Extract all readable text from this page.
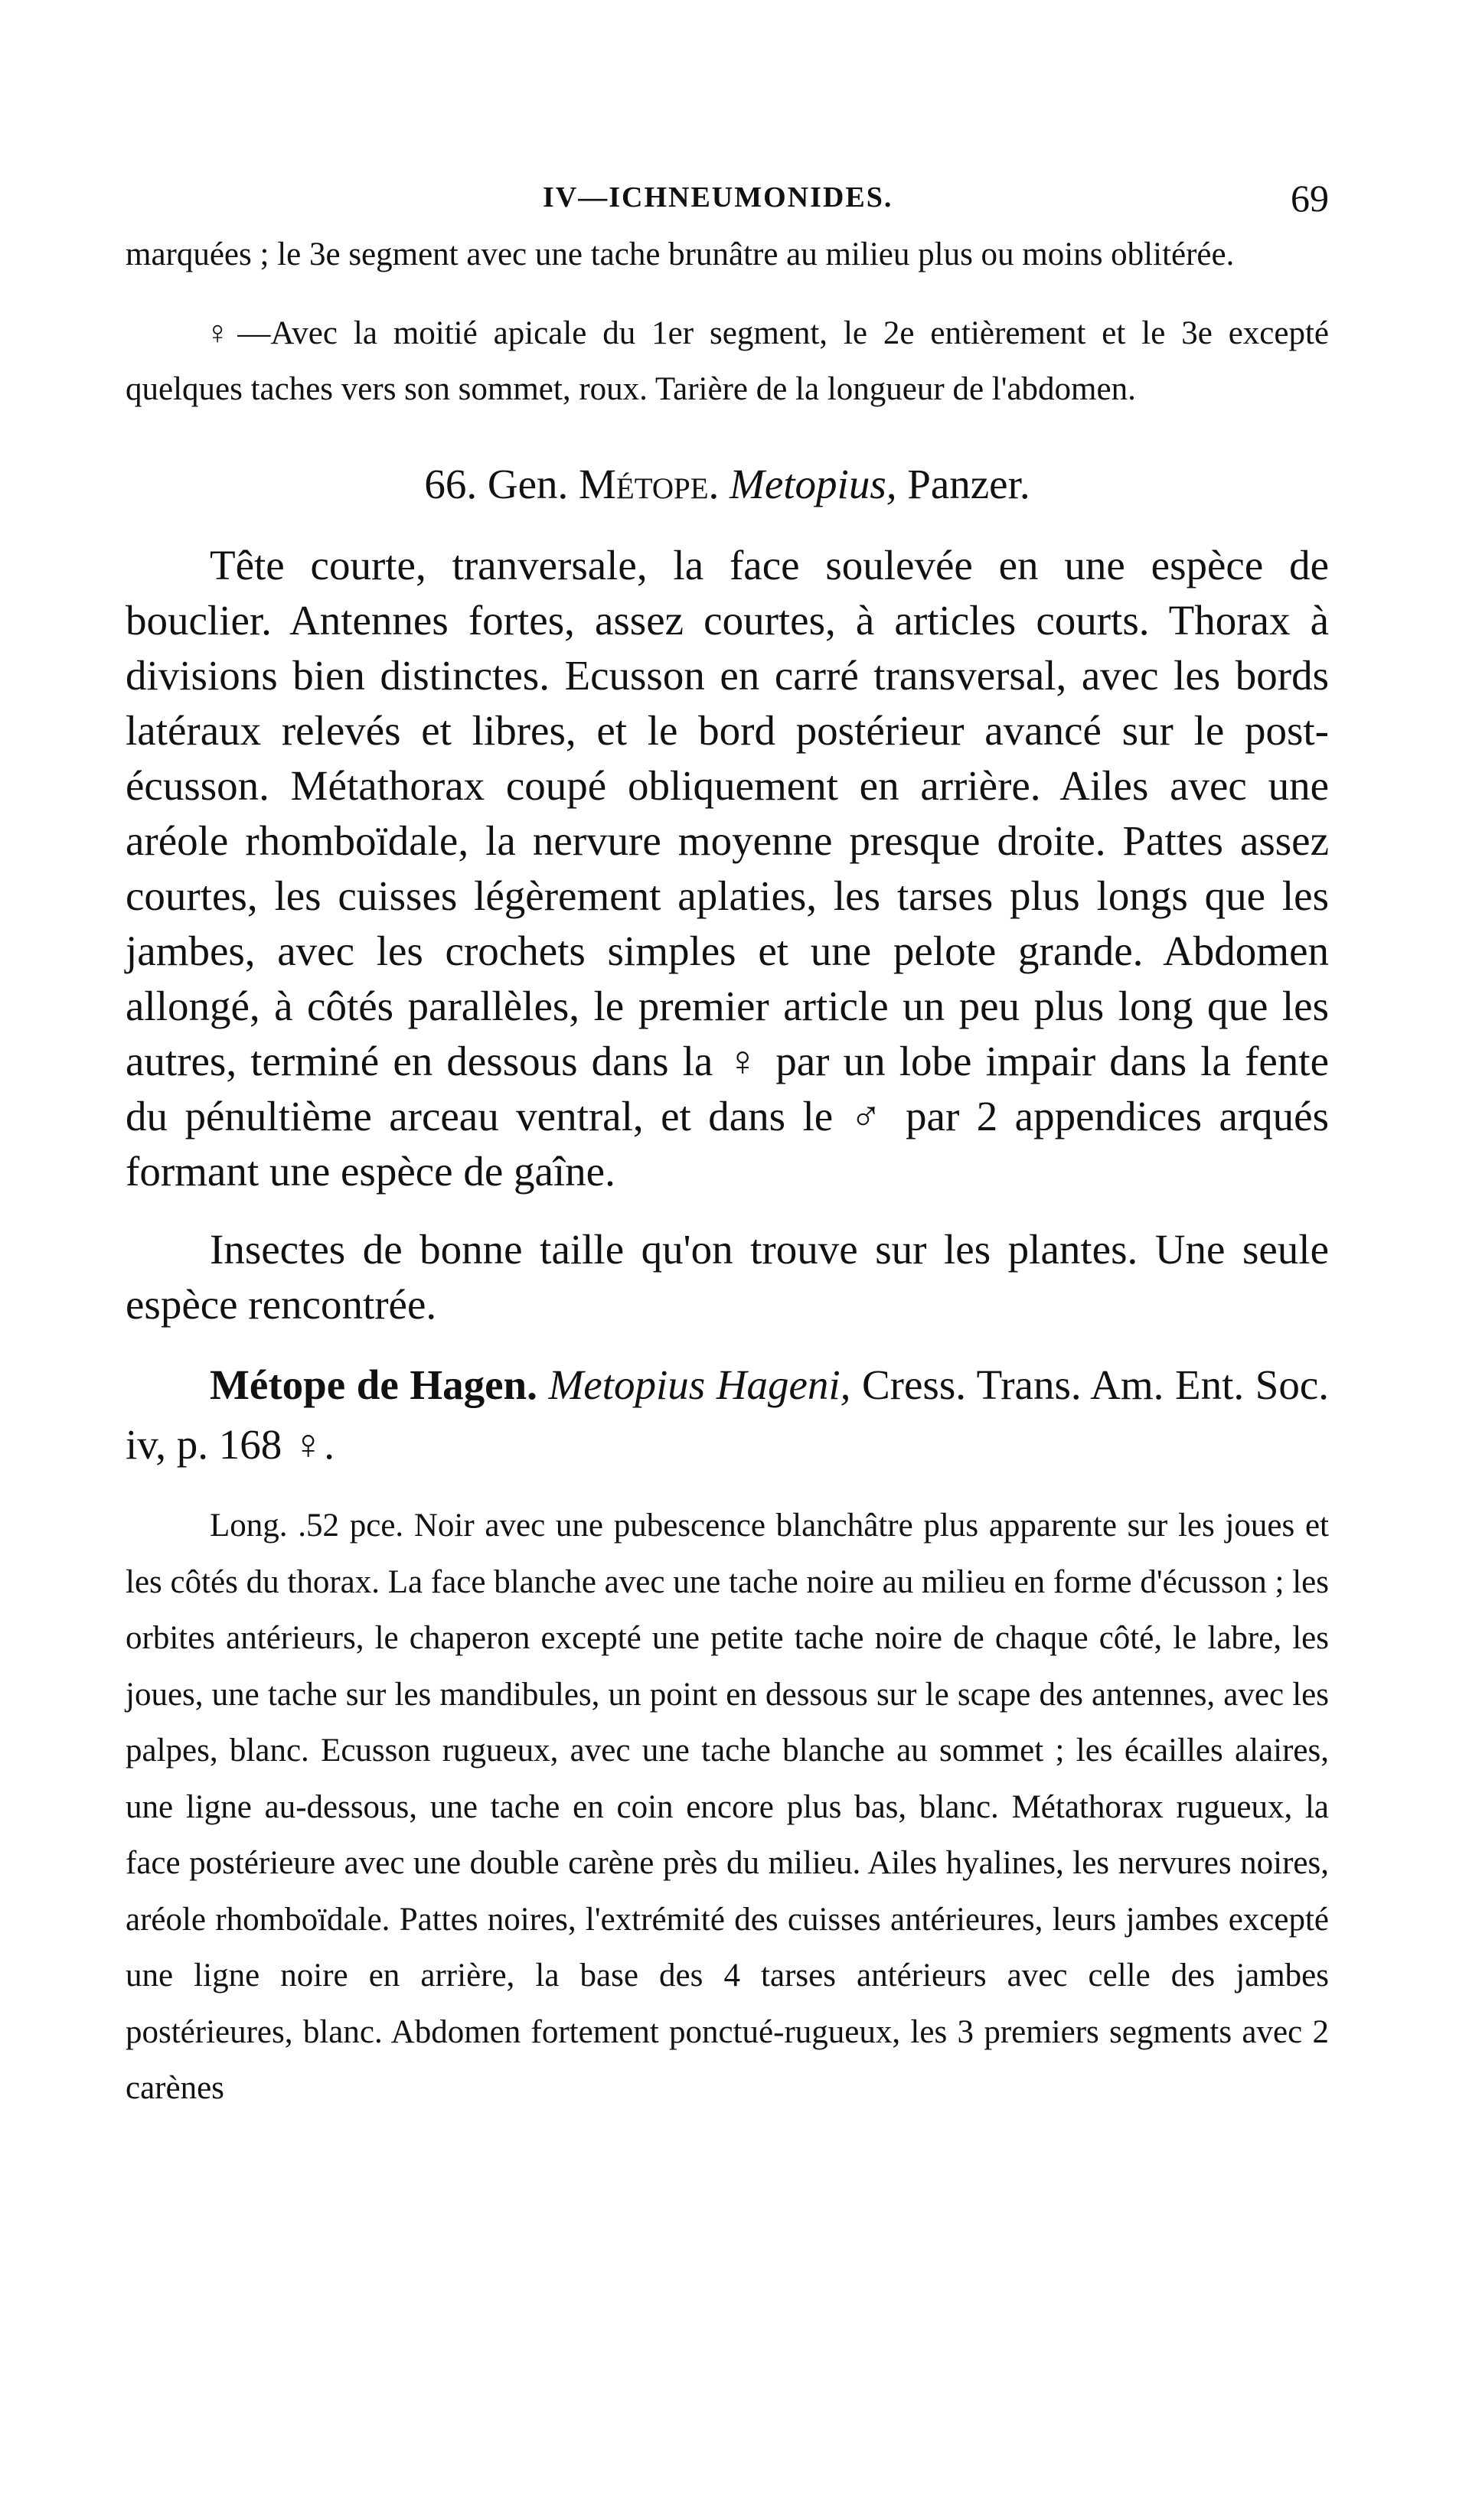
IV—ICHNEUMONIDES.	69

marquées ; le 3e segment avec une tache brunâtre au milieu plus ou moins oblitérée.

♀—Avec la moitié apicale du 1er segment, le 2e entièrement et le 3e excepté quelques taches vers son sommet, roux. Tarière de la longueur de l'abdomen.

66. Gen. Métope. Metopius, Panzer.

Tête courte, tranversale, la face soulevée en une espèce de bouclier. Antennes fortes, assez courtes, à articles courts. Thorax à divisions bien distinctes. Ecusson en carré transversal, avec les bords latéraux relevés et libres, et le bord postérieur avancé sur le post-écusson. Métathorax coupé obliquement en arrière. Ailes avec une aréole rhomboïdale, la nervure moyenne presque droite. Pattes assez courtes, les cuisses légèrement aplaties, les tarses plus longs que les jambes, avec les crochets simples et une pelote grande. Abdomen allongé, à côtés parallèles, le premier article un peu plus long que les autres, terminé en dessous dans la ♀ par un lobe impair dans la fente du pénultième arceau ventral, et dans le ♂ par 2 appendices arqués formant une espèce de gaîne.

Insectes de bonne taille qu'on trouve sur les plantes. Une seule espèce rencontrée.

Métope de Hagen. Metopius Hageni, Cress. Trans. Am. Ent. Soc. iv, p. 168 ♀.

Long. .52 pce. Noir avec une pubescence blanchâtre plus apparente sur les joues et les côtés du thorax. La face blanche avec une tache noire au milieu en forme d'écusson ; les orbites antérieurs, le chaperon excepté une petite tache noire de chaque côté, le labre, les joues, une tache sur les mandibules, un point en dessous sur le scape des antennes, avec les palpes, blanc. Ecusson rugueux, avec une tache blanche au sommet ; les écailles alaires, une ligne au-dessous, une tache en coin encore plus bas, blanc. Métathorax rugueux, la face postérieure avec une double carène près du milieu. Ailes hyalines, les nervures noires, aréole rhomboïdale. Pattes noires, l'extrémité des cuisses antérieures, leurs jambes excepté une ligne noire en arrière, la base des 4 tarses antérieurs avec celle des jambes postérieures, blanc. Abdomen fortement ponctué-rugueux, les 3 premiers segments avec 2 carènes
